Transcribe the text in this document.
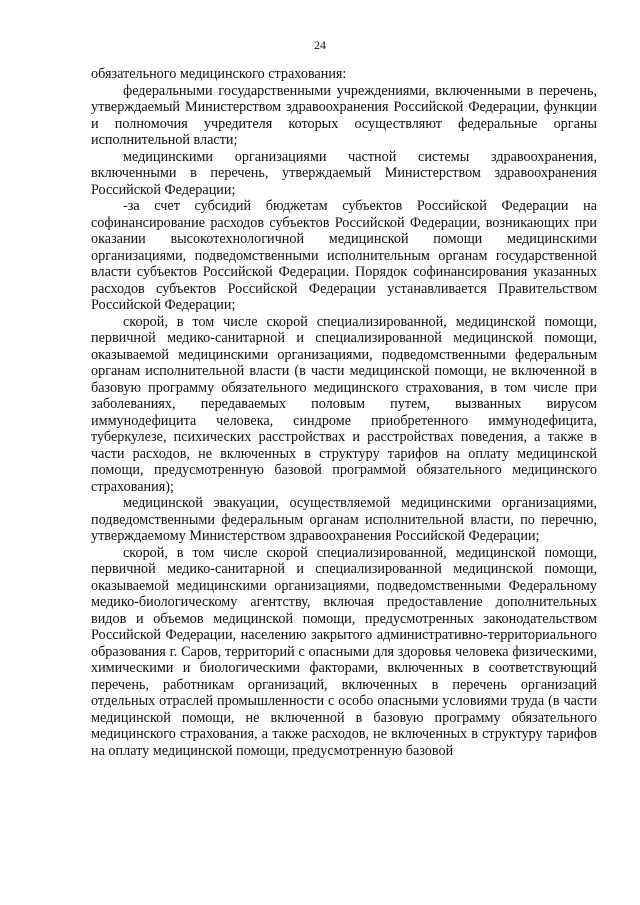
24

обязательного медицинского страхования:

федеральными государственными учреждениями, включенными в перечень, утверждаемый Министерством здравоохранения Российской Федерации, функции и полномочия учредителя которых осуществляют федеральные органы исполнительной власти;

медицинскими организациями частной системы здравоохранения, включенными в перечень, утверждаемый Министерством здравоохранения Российской Федерации;

-за счет субсидий бюджетам субъектов Российской Федерации на софинансирование расходов субъектов Российской Федерации, возникающих при оказании высокотехнологичной медицинской помощи медицинскими организациями, подведомственными исполнительным органам государственной власти субъектов Российской Федерации. Порядок софинансирования указанных расходов субъектов Российской Федерации устанавливается Правительством Российской Федерации;

скорой, в том числе скорой специализированной, медицинской помощи, первичной медико-санитарной и специализированной медицинской помощи, оказываемой медицинскими организациями, подведомственными федеральным органам исполнительной власти (в части медицинской помощи, не включенной в базовую программу обязательного медицинского страхования, в том числе при заболеваниях, передаваемых половым путем, вызванных вирусом иммунодефицита человека, синдроме приобретенного иммунодефицита, туберкулезе, психических расстройствах и расстройствах поведения, а также в части расходов, не включенных в структуру тарифов на оплату медицинской помощи, предусмотренную базовой программой обязательного медицинского страхования);

медицинской эвакуации, осуществляемой медицинскими организациями, подведомственными федеральным органам исполнительной власти, по перечню, утверждаемому Министерством здравоохранения Российской Федерации;

скорой, в том числе скорой специализированной, медицинской помощи, первичной медико-санитарной и специализированной медицинской помощи, оказываемой медицинскими организациями, подведомственными Федеральному медико-биологическому агентству, включая предоставление дополнительных видов и объемов медицинской помощи, предусмотренных законодательством Российской Федерации, населению закрытого административно-территориального образования г. Саров, территорий с опасными для здоровья человека физическими, химическими и биологическими факторами, включенных в соответствующий перечень, работникам организаций, включенных в перечень организаций отдельных отраслей промышленности с особо опасными условиями труда (в части медицинской помощи, не включенной в базовую программу обязательного медицинского страхования, а также расходов, не включенных в структуру тарифов на оплату медицинской помощи, предусмотренную базовой
